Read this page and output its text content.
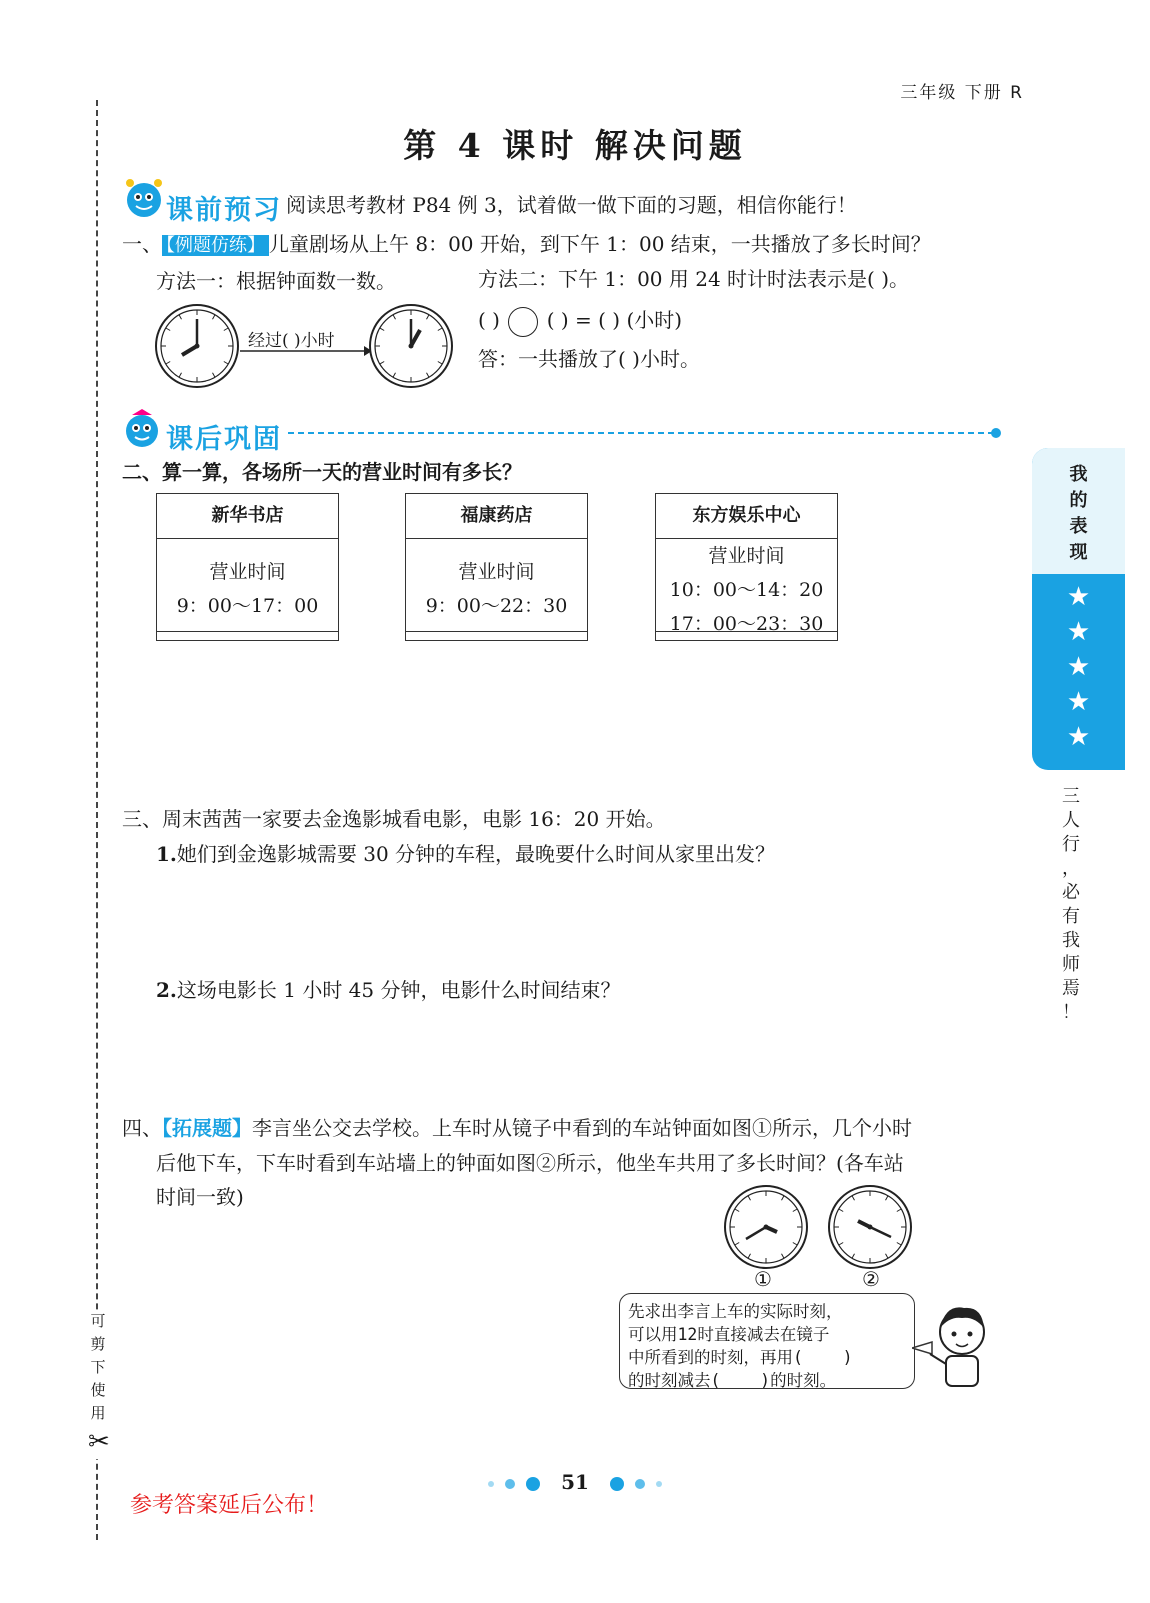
三年级 下册 R
第 4 课时 解决问题
可
剪
下
使
用
✂
课前预习 阅读思考教材 P84 例 3，试着做一做下面的习题，相信你能行！
一、 【例题仿练】 儿童剧场从上午 8：00 开始，到下午 1：00 结束，一共播放了多长时间？
方法一：根据钟面数一数。	方法二：下午 1：00 用 24 时计时法表示是( )。
经过( )小时
( ) ( ) = ( ) (小时)
答：一共播放了( )小时。
课后巩固
二、算一算，各场所一天的营业时间有多长？
新华书店
营业时间
9：00～17：00
福康药店
营业时间
9：00～22：30
东方娱乐中心
营业时间
10：00～14：20
17：00～23：30
我
的
表
现
★
★
★
★
★
三
人
行
，
必
有
我
师
焉
！
三、周末茜茜一家要去金逸影城看电影，电影 16：20 开始。
1.她们到金逸影城需要 30 分钟的车程，最晚要什么时间从家里出发？
2.这场电影长 1 小时 45 分钟，电影什么时间结束？
四、【拓展题】李言坐公交去学校。上车时从镜子中看到的车站钟面如图①所示，几个小时
后他下车，下车时看到车站墙上的钟面如图②所示，他坐车共用了多长时间？(各车站
时间一致)
①	②
先求出李言上车的实际时刻，
可以用12时直接减去在镜子
中所看到的时刻，再用(    )
的时刻减去(    )的时刻。
51
参考答案延后公布！
